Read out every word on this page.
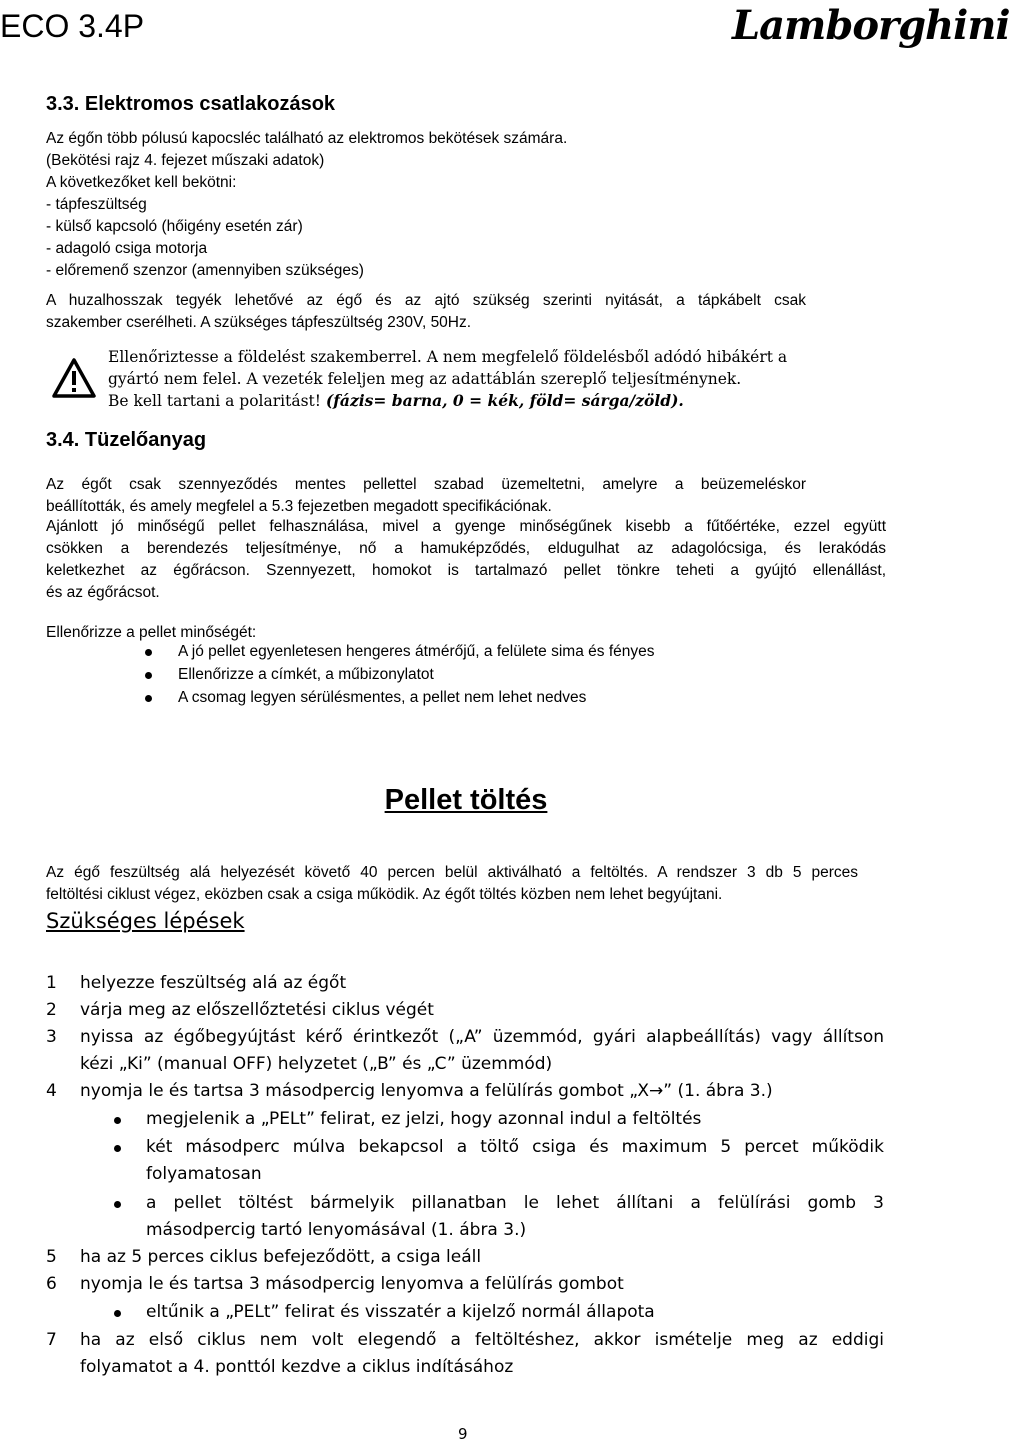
ECO 3.4P	Lamborghini
3.3. Elektromos csatlakozások
Az égőn több pólusú kapocsléc található az elektromos bekötések számára.
(Bekötési rajz 4. fejezet műszaki adatok)
A következőket kell bekötni:
- tápfeszültség
- külső kapcsoló (hőigény esetén zár)
- adagoló csiga motorja
- előremenő szenzor (amennyiben szükséges)
A huzalhosszak tegyék lehetővé az égő és az ajtó szükség szerinti nyitását, a tápkábelt csak
szakember cserélheti. A szükséges tápfeszültség 230V, 50Hz.
Ellenőriztesse a földelést szakemberrel. A nem megfelelő földelésből adódó hibákért a
gyártó nem felel. A vezeték feleljen meg az adattáblán szereplő teljesítménynek.
Be kell tartani a polaritást! (fázis= barna, 0 = kék, föld= sárga/zöld).
3.4. Tüzelőanyag
Az égőt csak szennyeződés mentes pellettel szabad üzemeltetni, amelyre a beüzemeléskor
beállították, és amely megfelel a 5.3 fejezetben megadott specifikációnak.
Ajánlott jó minőségű pellet felhasználása, mivel a gyenge minőségűnek kisebb a fűtőértéke, ezzel együtt
csökken a berendezés teljesítménye, nő a hamuképződés, eldugulhat az adagolócsiga, és lerakódás
keletkezhet az égőrácson. Szennyezett, homokot is tartalmazó pellet tönkre teheti a gyújtó ellenállást,
és az égőrácsot.
Ellenőrizze a pellet minőségét:
A jó pellet egyenletesen hengeres átmérőjű, a felülete sima és fényes
Ellenőrizze a címkét, a műbizonylatot
A csomag legyen sérülésmentes, a pellet nem lehet nedves
Pellet töltés
Az égő feszültség alá helyezését követő 40 percen belül aktiválható a feltöltés. A rendszer 3 db 5 perces
feltöltési ciklust végez, eközben csak a csiga működik. Az égőt töltés közben nem lehet begyújtani.
Szükséges lépések
1 helyezze feszültség alá az égőt
2 várja meg az előszellőztetési ciklus végét
3 nyissa az égőbegyújtást kérő érintkezőt („A” üzemmód, gyári alapbeállítás) vagy állítson
kézi „Ki” (manual OFF) helyzetet („B” és „C” üzemmód)
4 nyomja le és tartsa 3 másodpercig lenyomva a felülírás gombot „X→” (1. ábra 3.)
megjelenik a „PELt” felirat, ez jelzi, hogy azonnal indul a feltöltés
két másodperc múlva bekapcsol a töltő csiga és maximum 5 percet működik
folyamatosan
a pellet töltést bármelyik pillanatban le lehet állítani a felülírási gomb 3
másodpercig tartó lenyomásával (1. ábra 3.)
5 ha az 5 perces ciklus befejeződött, a csiga leáll
6 nyomja le és tartsa 3 másodpercig lenyomva a felülírás gombot
eltűnik a „PELt” felirat és visszatér a kijelző normál állapota
7 ha az első ciklus nem volt elegendő a feltöltéshez, akkor ismételje meg az eddigi
folyamatot a 4. ponttól kezdve a ciklus indításához
9
